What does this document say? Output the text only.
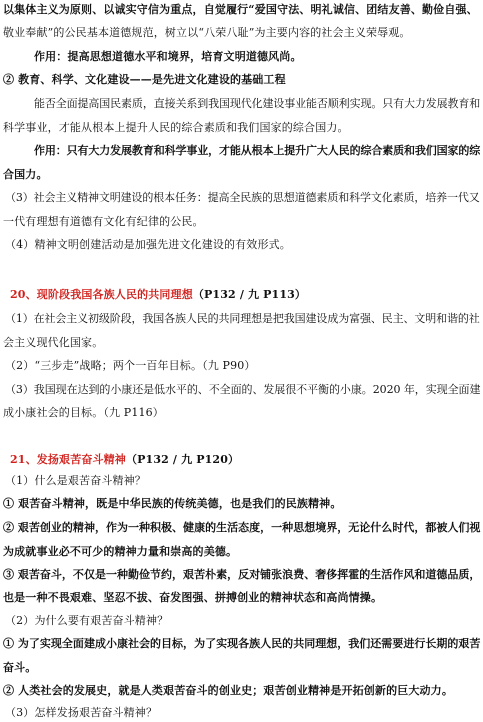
以集体主义为原则、以诚实守信为重点，自觉履行“爱国守法、明礼诚信、团结友善、勤俭自强、
敬业奉献”的公民基本道德规范，树立以“八荣八耻”为主要内容的社会主义荣辱观。
作用：提高思想道德水平和境界，培育文明道德风尚。
② 教育、科学、文化建设——是先进文化建设的基础工程
能否全面提高国民素质，直接关系到我国现代化建设事业能否顺利实现。只有大力发展教育和
科学事业，才能从根本上提升人民的综合素质和我们国家的综合国力。
作用：只有大力发展教育和科学事业，才能从根本上提升广大人民的综合素质和我们国家的综
合国力。
（3）社会主义精神文明建设的根本任务：提高全民族的思想道德素质和科学文化素质，培养一代又
一代有理想有道德有文化有纪律的公民。
（4）精神文明创建活动是加强先进文化建设的有效形式。
20、现阶段我国各族人民的共同理想（P132 / 九 P113）
（1）在社会主义初级阶段，我国各族人民的共同理想是把我国建设成为富强、民主、文明和谐的社
会主义现代化国家。
（2）“三步走”战略；两个一百年目标。（九 P90）
（3）我国现在达到的小康还是低水平的、不全面的、发展很不平衡的小康。2020 年，实现全面建
成小康社会的目标。（九 P116）
21、发扬艰苦奋斗精神（P132 / 九 P120）
（1）什么是艰苦奋斗精神？
① 艰苦奋斗精神，既是中华民族的传统美德，也是我们的民族精神。
② 艰苦创业的精神，作为一种积极、健康的生活态度，一种思想境界，无论什么时代，都被人们视
为成就事业必不可少的精神力量和崇高的美德。
③ 艰苦奋斗，不仅是一种勤俭节约，艰苦朴素，反对铺张浪费、奢侈挥霍的生活作风和道德品质，
也是一种不畏艰难、坚忍不拔、奋发图强、拼搏创业的精神状态和高尚情操。
（2）为什么要有艰苦奋斗精神？
① 为了实现全面建成小康社会的目标，为了实现各族人民的共同理想，我们还需要进行长期的艰苦
奋斗。
② 人类社会的发展史，就是人类艰苦奋斗的创业史；艰苦创业精神是开拓创新的巨大动力。
（3）怎样发扬艰苦奋斗精神？
